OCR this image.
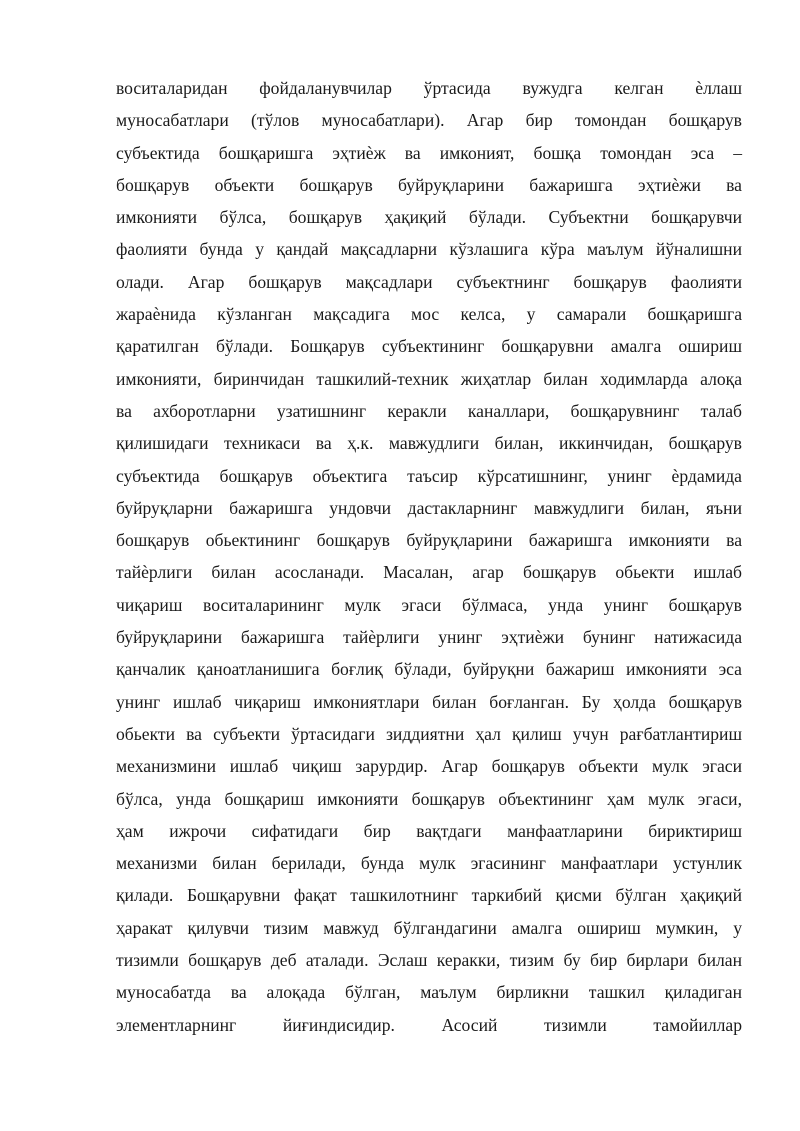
воситаларидан фойдаланувчилар ўртасида вужудга келган ѐллаш
муносабатлари (тўлов муносабатлари). Агар бир томондан бошқарув
субъектида бошқаришга эҳтиѐж ва имконият, бошқа томондан эса –
бошқарув объекти бошқарув буйруқларини бажаришга эҳтиѐжи ва
имконияти бўлса, бошқарув ҳақиқий бўлади. Субъектни бошқарувчи
фаолияти бунда у қандай мақсадларни кўзлашига кўра маълум йўналишни
олади. Агар бошқарув мақсадлари субъектнинг бошқарув фаолияти
жараѐнида кўзланган мақсадига мос келса, у самарали бошқаришга
қаратилган бўлади. Бошқарув субъектининг бошқарувни амалга ошириш
имконияти, биринчидан ташкилий-техник жиҳатлар билан ходимларда алоқа
ва ахборотларни узатишнинг керакли каналлари, бошқарувнинг талаб
қилишидаги техникаси ва ҳ.к. мавжудлиги билан, иккинчидан, бошқарув
субъектида бошқарув объектига таъсир кўрсатишнинг, унинг ѐрдамида
буйруқларни бажаришга ундовчи дастакларнинг мавжудлиги билан, яъни
бошқарув обьектининг бошқарув буйруқларини бажаришга имконияти ва
тайѐрлиги билан асосланади. Масалан, агар бошқарув обьекти ишлаб
чиқариш воситаларининг мулк эгаси бўлмаса, унда унинг бошқарув
буйруқларини бажаришга тайѐрлиги унинг эҳтиѐжи бунинг натижасида
қанчалик қаноатланишига боғлиқ бўлади, буйруқни бажариш имконияти эса
унинг ишлаб чиқариш имкониятлари билан боғланган. Бу ҳолда бошқарув
обьекти ва субъекти ўртасидаги зиддиятни ҳал қилиш учун рағбатлантириш
механизмини ишлаб чиқиш зарурдир. Агар бошқарув объекти мулк эгаси
бўлса, унда бошқариш имконияти бошқарув объектининг ҳам мулк эгаси,
ҳам ижрочи сифатидаги бир вақтдаги манфаатларини бириктириш
механизми билан берилади, бунда мулк эгасининг манфаатлари устунлик
қилади. Бошқарувни фақат ташкилотнинг таркибий қисми бўлган ҳақиқий
ҳаракат қилувчи тизим мавжуд бўлгандагини амалга ошириш мумкин, у
тизимли бошқарув деб аталади. Эслаш керакки, тизим бу бир бирлари билан
муносабатда ва алоқада бўлган, маълум бирликни ташкил қиладиган
элементларнинг йиғиндисидир. Асосий тизимли тамойиллар
